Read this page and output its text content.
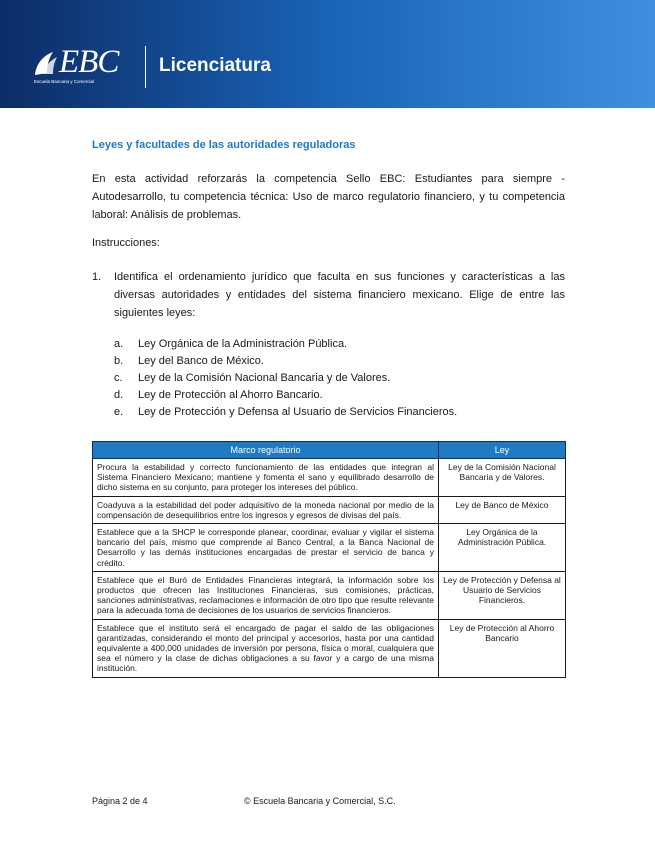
EBC
Escuela Bancaria y Comercial
Licenciatura
Leyes y facultades de las autoridades reguladoras

En esta actividad reforzarás la competencia Sello EBC: Estudiantes para siempre - Autodesarrollo, tu competencia técnica: Uso de marco regulatorio financiero, y tu competencia laboral: Análisis de problemas.

Instrucciones:

1. Identifica el ordenamiento jurídico que faculta en sus funciones y características a las diversas autoridades y entidades del sistema financiero mexicano. Elige de entre las siguientes leyes:

a. Ley Orgánica de la Administración Pública.
b. Ley del Banco de México.
c. Ley de la Comisión Nacional Bancaria y de Valores.
d. Ley de Protección al Ahorro Bancario.
e. Ley de Protección y Defensa al Usuario de Servicios Financieros.
Marco regulatorio	Ley
Procura la estabilidad y correcto funcionamiento de las entidades que integran al Sistema Financiero Mexicano; mantiene y fomenta el sano y equilibrado desarrollo de dicho sistema en su conjunto, para proteger los intereses del público.	Ley de la Comisión Nacional Bancaria y de Valores.
Coadyuva a la estabilidad del poder adquisitivo de la moneda nacional por medio de la compensación de desequilibrios entre los ingresos y egresos de divisas del país.	Ley de Banco de México
Establece que a la SHCP le corresponde planear, coordinar, evaluar y vigilar el sistema bancario del país, mismo que comprende al Banco Central, a la Banca Nacional de Desarrollo y las demás instituciones encargadas de prestar el servicio de banca y crédito.	Ley Orgánica de la Administración Pública.
Establece que el Buró de Entidades Financieras integrará, la información sobre los productos que ofrecen las Instituciones Financieras, sus comisiones, prácticas, sanciones administrativas, reclamaciones e información de otro tipo que resulte relevante para la adecuada toma de decisiones de los usuarios de servicios financieros.	Ley de Protección y Defensa al Usuario de Servicios Financieros.
Establece que el instituto será el encargado de pagar el saldo de las obligaciones garantizadas, considerando el monto del principal y accesorios, hasta por una cantidad equivalente a 400,000 unidades de inversión por persona, física o moral, cualquiera que sea el número y la clase de dichas obligaciones a su favor y a cargo de una misma institución.	Ley de Protección al Ahorro Bancario
Página 2 de 4	© Escuela Bancaria y Comercial, S.C.
